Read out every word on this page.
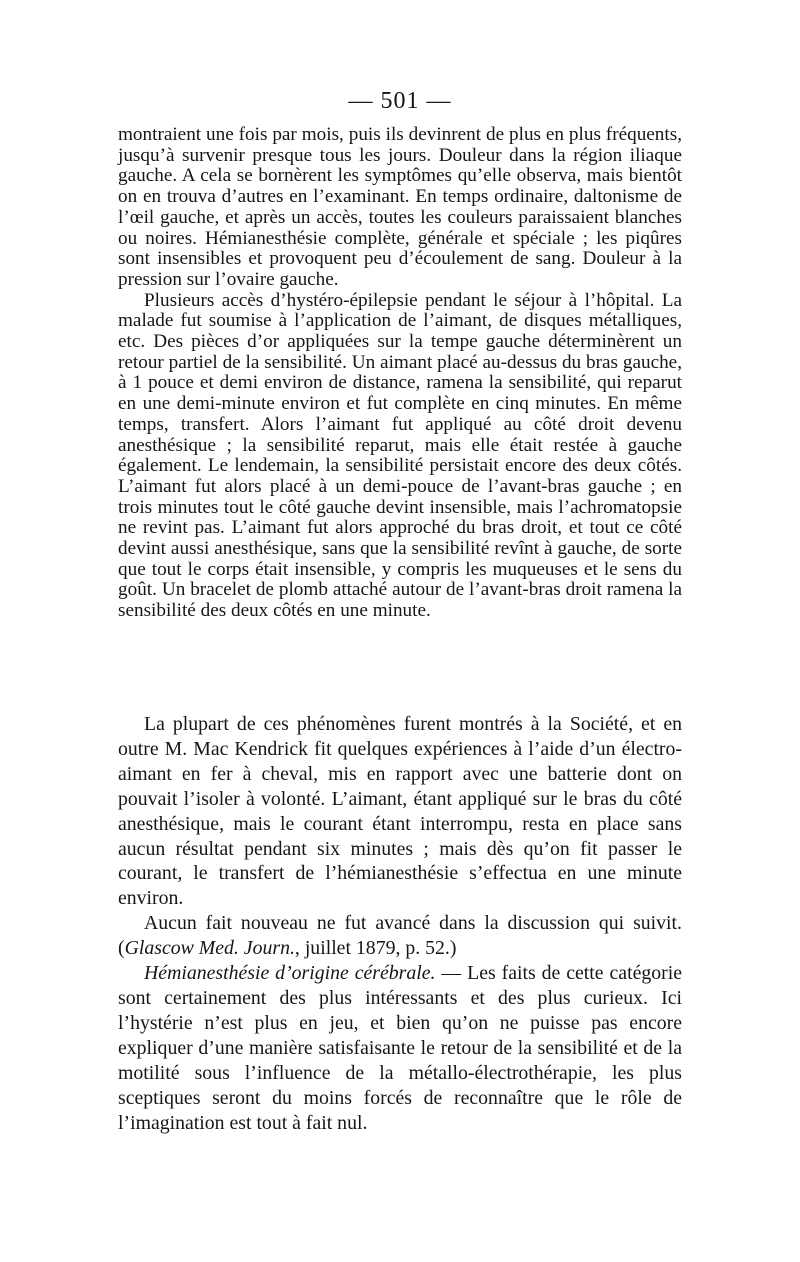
— 501 —

montraient une fois par mois, puis ils devinrent de plus en plus fréquents, jusqu’à survenir presque tous les jours. Douleur dans la région iliaque gauche. A cela se bornèrent les symptômes qu’elle observa, mais bientôt on en trouva d’autres en l’examinant. En temps ordinaire, daltonisme de l’œil gauche, et après un accès, toutes les couleurs paraissaient blanches ou noires. Hémianesthésie complète, générale et spéciale ; les piqûres sont insensibles et provoquent peu d’écoulement de sang. Douleur à la pression sur l’ovaire gauche.

Plusieurs accès d’hystéro-épilepsie pendant le séjour à l’hôpital. La malade fut soumise à l’application de l’aimant, de disques métalliques, etc. Des pièces d’or appliquées sur la tempe gauche déterminèrent un retour partiel de la sensibilité. Un aimant placé au-dessus du bras gauche, à 1 pouce et demi environ de distance, ramena la sensibilité, qui reparut en une demi-minute environ et fut complète en cinq minutes. En même temps, transfert. Alors l’aimant fut appliqué au côté droit devenu anesthésique ; la sensibilité reparut, mais elle était restée à gauche également. Le lendemain, la sensibilité persistait encore des deux côtés. L’aimant fut alors placé à un demi-pouce de l’avant-bras gauche ; en trois minutes tout le côté gauche devint insensible, mais l’achromatopsie ne revint pas. L’aimant fut alors approché du bras droit, et tout ce côté devint aussi anesthésique, sans que la sensibilité revînt à gauche, de sorte que tout le corps était insensible, y compris les muqueuses et le sens du goût. Un bracelet de plomb attaché autour de l’avant-bras droit ramena la sensibilité des deux côtés en une minute.

La plupart de ces phénomènes furent montrés à la Société, et en outre M. Mac Kendrick fit quelques expériences à l’aide d’un électro-aimant en fer à cheval, mis en rapport avec une batterie dont on pouvait l’isoler à volonté. L’aimant, étant appliqué sur le bras du côté anesthésique, mais le courant étant interrompu, resta en place sans aucun résultat pendant six minutes ; mais dès qu’on fit passer le courant, le transfert de l’hémianesthésie s’effectua en une minute environ.

Aucun fait nouveau ne fut avancé dans la discussion qui suivit. (Glascow Med. Journ., juillet 1879, p. 52.)

Hémianesthésie d’origine cérébrale. — Les faits de cette catégorie sont certainement des plus intéressants et des plus curieux. Ici l’hystérie n’est plus en jeu, et bien qu’on ne puisse pas encore expliquer d’une manière satisfaisante le retour de la sensibilité et de la motilité sous l’influence de la métallo-électrothérapie, les plus sceptiques seront du moins forcés de reconnaître que le rôle de l’imagination est tout à fait nul.
